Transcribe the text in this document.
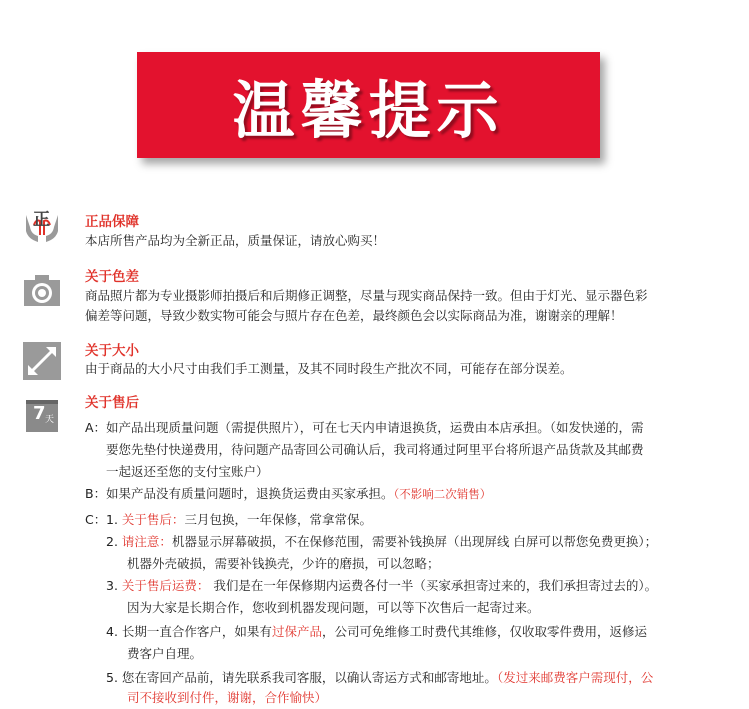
温馨提示
正	正品保障
本店所售产品均为全新正品，质量保证，请放心购买！
关于色差
商品照片都为专业摄影师拍摄后和后期修正调整，尽量与现实商品保持一致。但由于灯光、显示器色彩
偏差等问题，导致少数实物可能会与照片存在色差，最终颜色会以实际商品为准，谢谢亲的理解！
关于大小
由于商品的大小尺寸由我们手工测量，及其不同时段生产批次不同，可能存在部分误差。
7 天
关于售后
A： 如产品出现质量问题（需提供照片），可在七天内申请退换货，运费由本店承担。（如发快递的，需
要您先垫付快递费用，待问题产品寄回公司确认后，我司将通过阿里平台将所退产品货款及其邮费
一起返还至您的支付宝账户）
B： 如果产品没有质量问题时，退换货运费由买家承担。（不影响二次销售）
C： 1. 关于售后：三月包换，一年保修，常拿常保。
2. 请注意：机器显示屏幕破损，不在保修范围，需要补钱换屏（出现屏线 白屏可以帮您免费更换）；
机器外壳破损，需要补钱换壳，少许的磨损，可以忽略；
3. 关于售后运费： 我们是在一年保修期内运费各付一半（买家承担寄过来的，我们承担寄过去的）。
因为大家是长期合作，您收到机器发现问题，可以等下次售后一起寄过来。
4. 长期一直合作客户，如果有过保产品，公司可免维修工时费代其维修，仅收取零件费用，返修运
费客户自理。
5. 您在寄回产品前，请先联系我司客服，以确认寄运方式和邮寄地址。（发过来邮费客户需现付，公
司不接收到付件，谢谢，合作愉快）
